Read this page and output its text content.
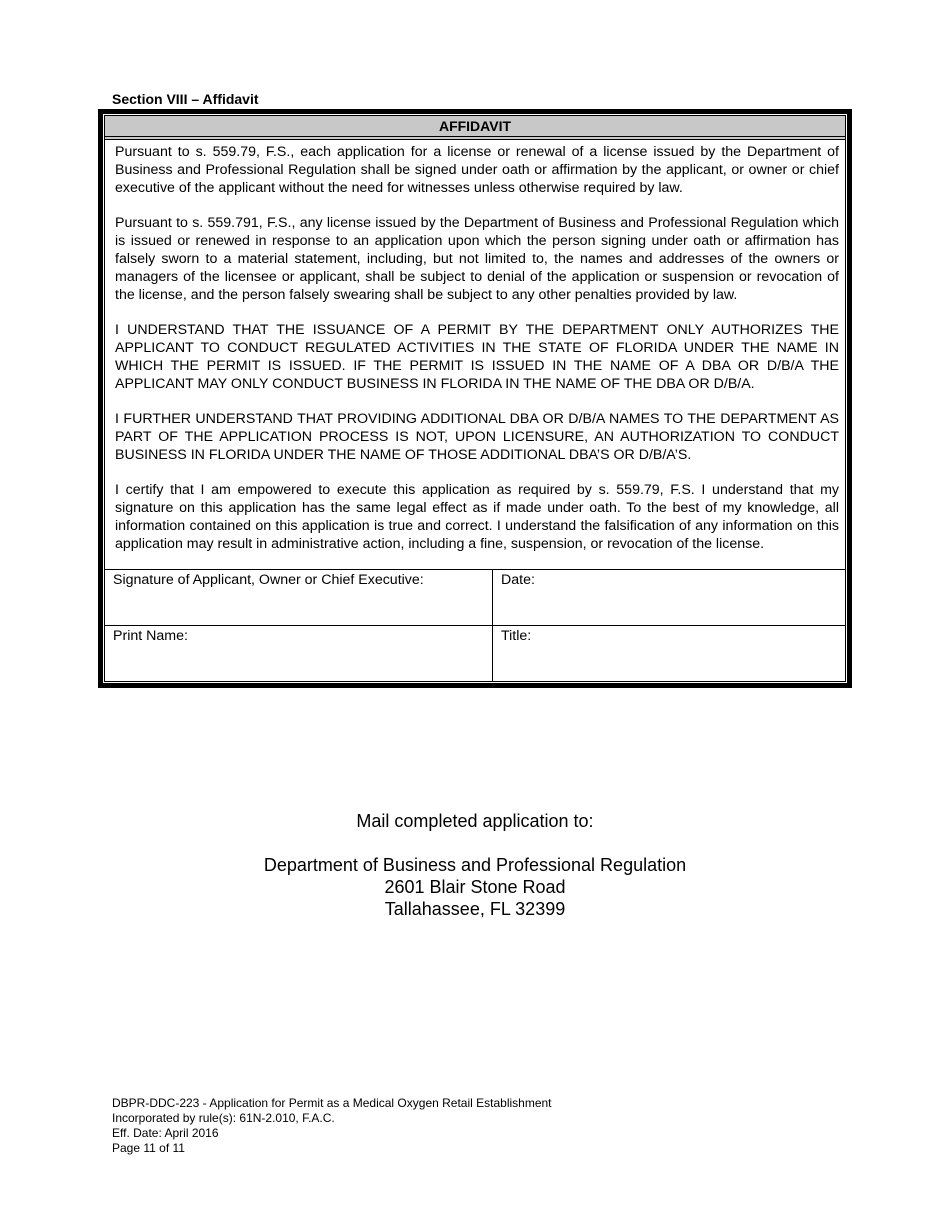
Section VIII – Affidavit
AFFIDAVIT

Pursuant to s. 559.79, F.S., each application for a license or renewal of a license issued by the Department of Business and Professional Regulation shall be signed under oath or affirmation by the applicant, or owner or chief executive of the applicant without the need for witnesses unless otherwise required by law.

Pursuant to s. 559.791, F.S., any license issued by the Department of Business and Professional Regulation which is issued or renewed in response to an application upon which the person signing under oath or affirmation has falsely sworn to a material statement, including, but not limited to, the names and addresses of the owners or managers of the licensee or applicant, shall be subject to denial of the application or suspension or revocation of the license, and the person falsely swearing shall be subject to any other penalties provided by law.

I UNDERSTAND THAT THE ISSUANCE OF A PERMIT BY THE DEPARTMENT ONLY AUTHORIZES THE APPLICANT TO CONDUCT REGULATED ACTIVITIES IN THE STATE OF FLORIDA UNDER THE NAME IN WHICH THE PERMIT IS ISSUED. IF THE PERMIT IS ISSUED IN THE NAME OF A DBA OR D/B/A THE APPLICANT MAY ONLY CONDUCT BUSINESS IN FLORIDA IN THE NAME OF THE DBA OR D/B/A.

I FURTHER UNDERSTAND THAT PROVIDING ADDITIONAL DBA OR D/B/A NAMES TO THE DEPARTMENT AS PART OF THE APPLICATION PROCESS IS NOT, UPON LICENSURE, AN AUTHORIZATION TO CONDUCT BUSINESS IN FLORIDA UNDER THE NAME OF THOSE ADDITIONAL DBA’S OR D/B/A’S.

I certify that I am empowered to execute this application as required by s. 559.79, F.S. I understand that my signature on this application has the same legal effect as if made under oath. To the best of my knowledge, all information contained on this application is true and correct. I understand the falsification of any information on this application may result in administrative action, including a fine, suspension, or revocation of the license.

Signature of Applicant, Owner or Chief Executive:	Date:
Print Name:	Title:
Mail completed application to:
Department of Business and Professional Regulation
2601 Blair Stone Road
Tallahassee, FL 32399
DBPR-DDC-223 - Application for Permit as a Medical Oxygen Retail Establishment
Incorporated by rule(s): 61N-2.010, F.A.C.
Eff. Date: April 2016
Page 11 of 11
